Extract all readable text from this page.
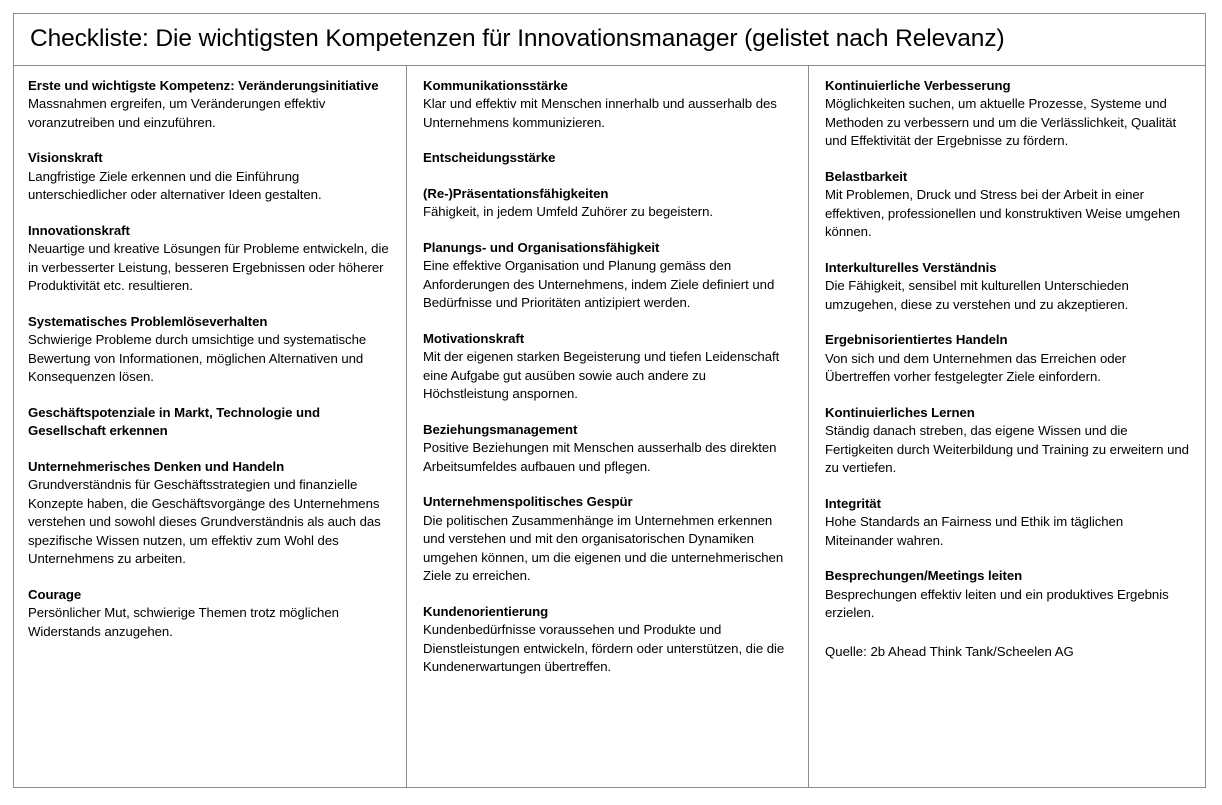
Checkliste: Die wichtigsten Kompetenzen für Innovationsmanager (gelistet nach Relevanz)
Erste und wichtigste Kompetenz: Veränderungsinitiative
Massnahmen ergreifen, um Veränderungen effektiv voranzutreiben und einzuführen.
Visionskraft
Langfristige Ziele erkennen und die Einführung unterschiedlicher oder alternativer Ideen gestalten.
Innovationskraft
Neuartige und kreative Lösungen für Probleme entwickeln, die in verbesserter Leistung, besseren Ergebnissen oder höherer Produktivität etc. resultieren.
Systematisches Problemlöseverhalten
Schwierige Probleme durch umsichtige und systematische Bewertung von Informationen, möglichen Alternativen und Konsequenzen lösen.
Geschäftspotenziale in Markt, Technologie und Gesellschaft erkennen
Unternehmerisches Denken und Handeln
Grundverständnis für Geschäftsstrategien und finanzielle Konzepte haben, die Geschäftsvorgänge des Unternehmens verstehen und sowohl dieses Grundverständnis als auch das spezifische Wissen nutzen, um effektiv zum Wohl des Unternehmens zu arbeiten.
Courage
Persönlicher Mut, schwierige Themen trotz möglichen Widerstands anzugehen.
Kommunikationsstärke
Klar und effektiv mit Menschen innerhalb und ausserhalb des Unternehmens kommunizieren.
Entscheidungsstärke
(Re-)Präsentationsfähigkeiten
Fähigkeit, in jedem Umfeld Zuhörer zu begeistern.
Planungs- und Organisationsfähigkeit
Eine effektive Organisation und Planung gemäss den Anforderungen des Unternehmens, indem Ziele definiert und Bedürfnisse und Prioritäten antizipiert werden.
Motivationskraft
Mit der eigenen starken Begeisterung und tiefen Leidenschaft eine Aufgabe gut ausüben sowie auch andere zu Höchstleistung anspornen.
Beziehungsmanagement
Positive Beziehungen mit Menschen ausserhalb des direkten Arbeitsumfeldes aufbauen und pflegen.
Unternehmenspolitisches Gespür
Die politischen Zusammenhänge im Unternehmen erkennen und verstehen und mit den organisatorischen Dynamiken umgehen können, um die eigenen und die unternehmerischen Ziele zu erreichen.
Kundenorientierung
Kundenbedürfnisse voraussehen und Produkte und Dienstleistungen entwickeln, fördern oder unterstützen, die die Kundenerwartungen übertreffen.
Kontinuierliche Verbesserung
Möglichkeiten suchen, um aktuelle Prozesse, Systeme und Methoden zu verbessern und um die Verlässlichkeit, Qualität und Effektivität der Ergebnisse zu fördern.
Belastbarkeit
Mit Problemen, Druck und Stress bei der Arbeit in einer effektiven, professionellen und konstruktiven Weise umgehen können.
Interkulturelles Verständnis
Die Fähigkeit, sensibel mit kulturellen Unterschieden umzugehen, diese zu verstehen und zu akzeptieren.
Ergebnisorientiertes Handeln
Von sich und dem Unternehmen das Erreichen oder Übertreffen vorher festgelegter Ziele einfordern.
Kontinuierliches Lernen
Ständig danach streben, das eigene Wissen und die Fertigkeiten durch Weiterbildung und Training zu erweitern und zu vertiefen.
Integrität
Hohe Standards an Fairness und Ethik im täglichen Miteinander wahren.
Besprechungen/Meetings leiten
Besprechungen effektiv leiten und ein produktives Ergebnis erzielen.
Quelle: 2b Ahead Think Tank/Scheelen AG
